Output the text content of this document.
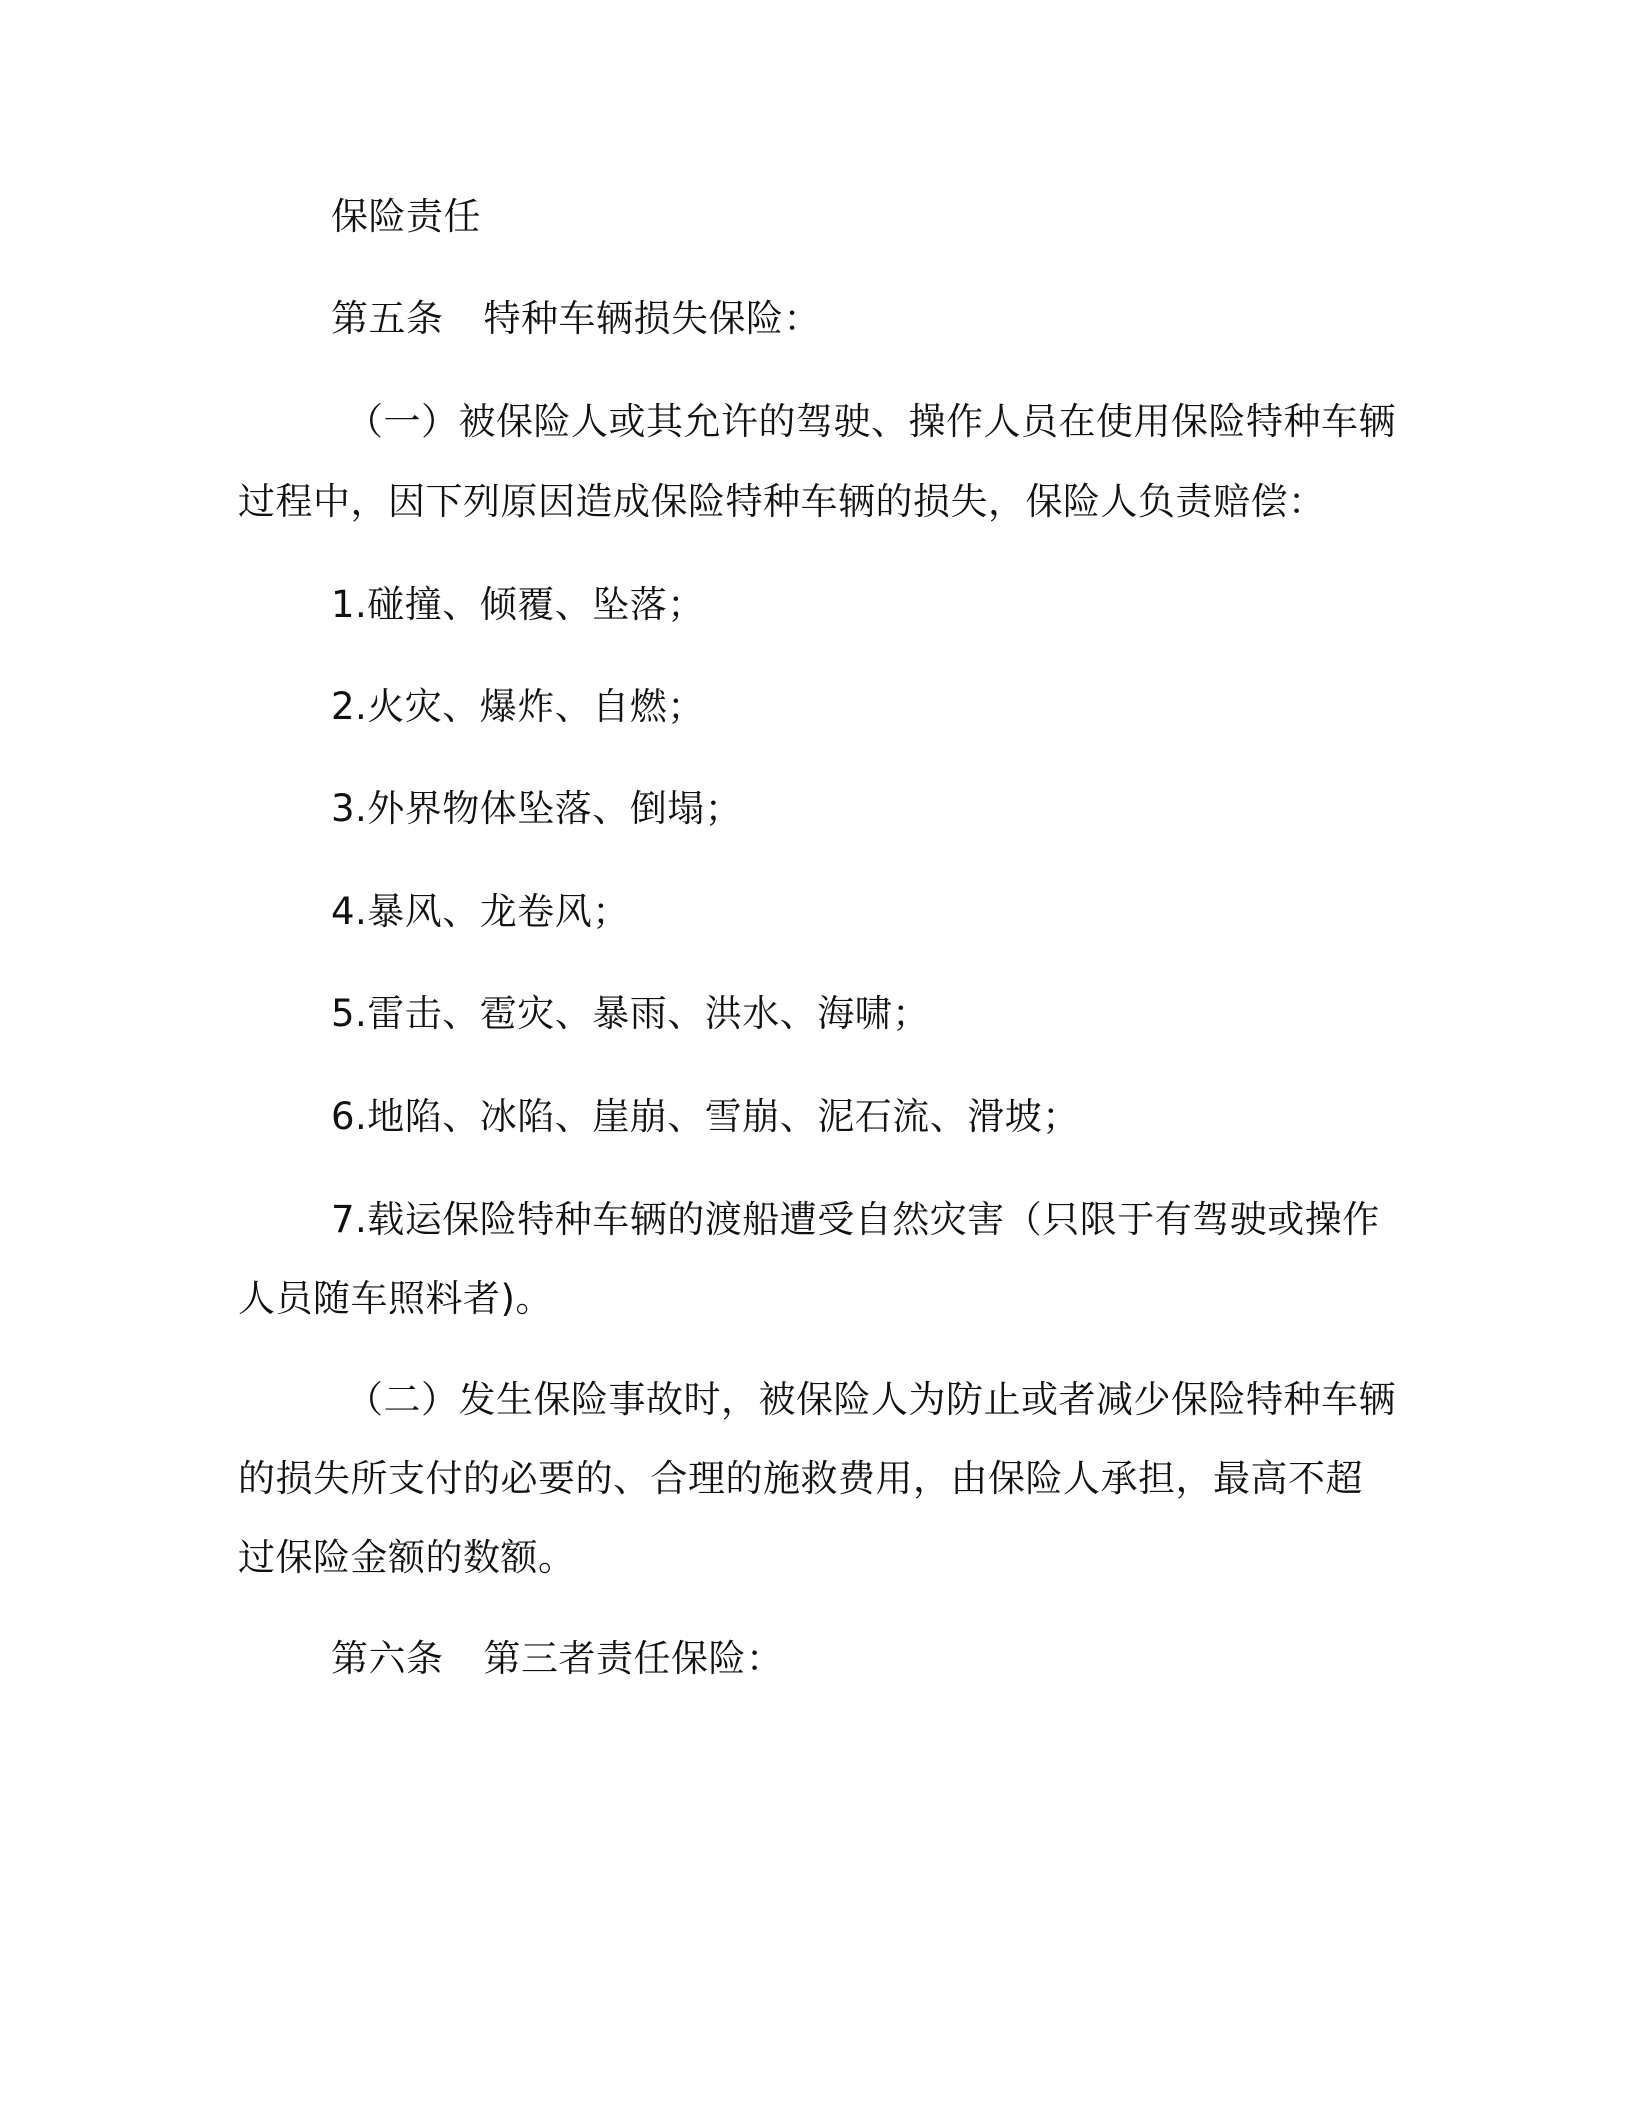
保险责任
第五条 特种车辆损失保险：
（一）被保险人或其允许的驾驶、操作人员在使用保险特种车辆
过程中，因下列原因造成保险特种车辆的损失，保险人负责赔偿：
1.碰撞、倾覆、坠落；
2.火灾、爆炸、自燃；
3.外界物体坠落、倒塌；
4.暴风、龙卷风；
5.雷击、雹灾、暴雨、洪水、海啸；
6.地陷、冰陷、崖崩、雪崩、泥石流、滑坡；
7.载运保险特种车辆的渡船遭受自然灾害（只限于有驾驶或操作
人员随车照料者)。
（二）发生保险事故时，被保险人为防止或者减少保险特种车辆
的损失所支付的必要的、合理的施救费用，由保险人承担，最高不超
过保险金额的数额。
第六条 第三者责任保险：
